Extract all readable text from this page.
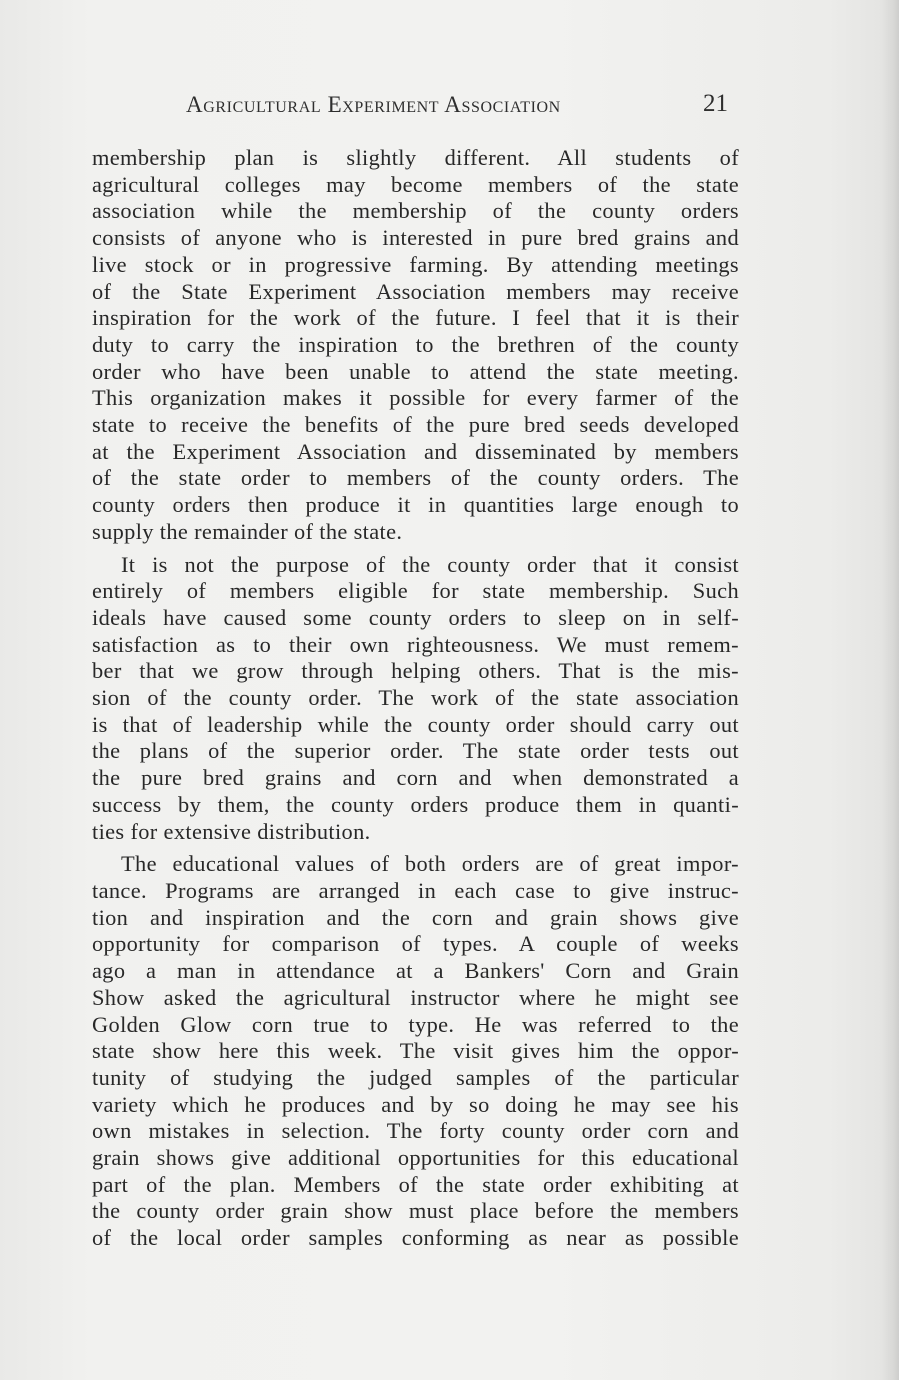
Agricultural Experiment Association	21

membership plan is slightly different. All students of
agricultural colleges may become members of the state
association while the membership of the county orders
consists of anyone who is interested in pure bred grains and
live stock or in progressive farming. By attending meetings
of the State Experiment Association members may receive
inspiration for the work of the future. I feel that it is their
duty to carry the inspiration to the brethren of the county
order who have been unable to attend the state meeting.
This organization makes it possible for every farmer of the
state to receive the benefits of the pure bred seeds developed
at the Experiment Association and disseminated by members
of the state order to members of the county orders. The
county orders then produce it in quantities large enough to
supply the remainder of the state.

It is not the purpose of the county order that it consist
entirely of members eligible for state membership. Such
ideals have caused some county orders to sleep on in self-
satisfaction as to their own righteousness. We must remem-
ber that we grow through helping others. That is the mis-
sion of the county order. The work of the state association
is that of leadership while the county order should carry out
the plans of the superior order. The state order tests out
the pure bred grains and corn and when demonstrated a
success by them, the county orders produce them in quanti-
ties for extensive distribution.

The educational values of both orders are of great impor-
tance. Programs are arranged in each case to give instruc-
tion and inspiration and the corn and grain shows give
opportunity for comparison of types. A couple of weeks
ago a man in attendance at a Bankers' Corn and Grain
Show asked the agricultural instructor where he might see
Golden Glow corn true to type. He was referred to the
state show here this week. The visit gives him the oppor-
tunity of studying the judged samples of the particular
variety which he produces and by so doing he may see his
own mistakes in selection. The forty county order corn and
grain shows give additional opportunities for this educational
part of the plan. Members of the state order exhibiting at
the county order grain show must place before the members
of the local order samples conforming as near as possible
